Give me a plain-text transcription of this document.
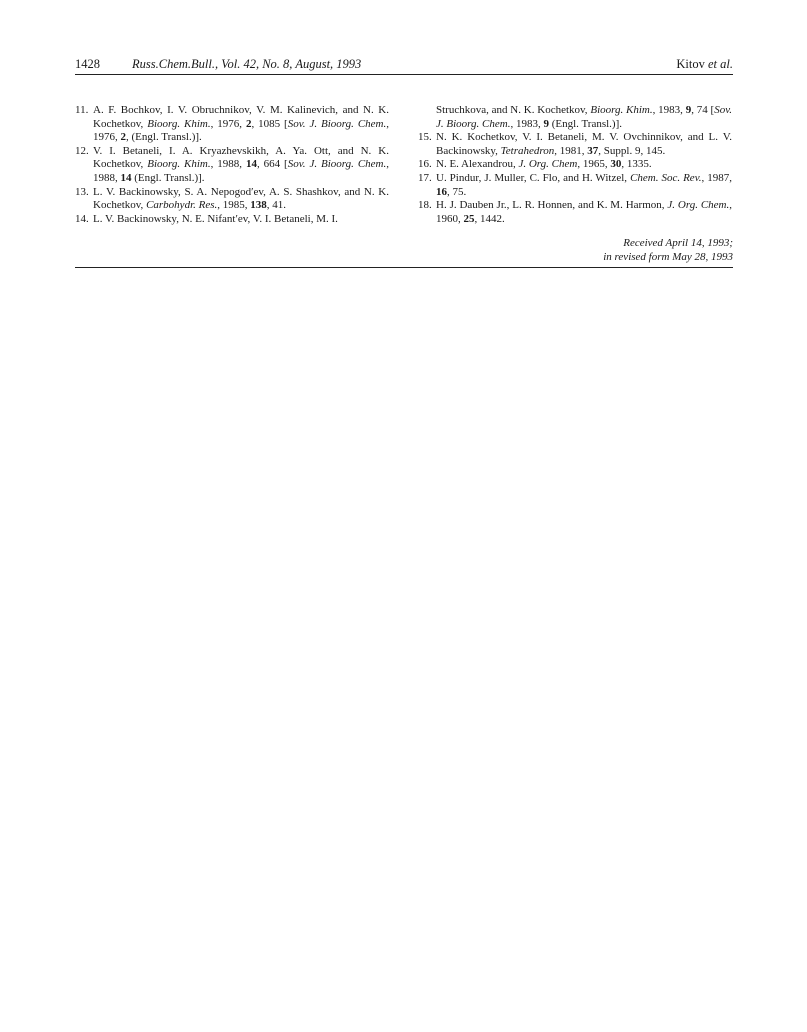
1428	Russ.Chem.Bull., Vol. 42, No. 8, August, 1993	Kitov et al.
11. A. F. Bochkov, I. V. Obruchnikov, V. M. Kalinevich, and N. K. Kochetkov, Bioorg. Khim., 1976, 2, 1085 [Sov. J. Bioorg. Chem., 1976, 2, (Engl. Transl.)].
12. V. I. Betaneli, I. A. Kryazhevskikh, A. Ya. Ott, and N. K. Kochetkov, Bioorg. Khim., 1988, 14, 664 [Sov. J. Bioorg. Chem., 1988, 14 (Engl. Transl.)].
13. L. V. Backinowsky, S. A. Nepogod′ev, A. S. Shashkov, and N. K. Kochetkov, Carbohydr. Res., 1985, 138, 41.
14. L. V. Backinowsky, N. E. Nifant′ev, V. I. Betaneli, M. I.
Struchkova, and N. K. Kochetkov, Bioorg. Khim., 1983, 9, 74 [Sov. J. Bioorg. Chem., 1983, 9 (Engl. Transl.)].
15. N. K. Kochetkov, V. I. Betaneli, M. V. Ovchinnikov, and L. V. Backinowsky, Tetrahedron, 1981, 37, Suppl. 9, 145.
16. N. E. Alexandrou, J. Org. Chem, 1965, 30, 1335.
17. U. Pindur, J. Muller, C. Flo, and H. Witzel, Chem. Soc. Rev., 1987, 16, 75.
18. H. J. Dauben Jr., L. R. Honnen, and K. M. Harmon, J. Org. Chem., 1960, 25, 1442.
Received April 14, 1993;
in revised form May 28, 1993
